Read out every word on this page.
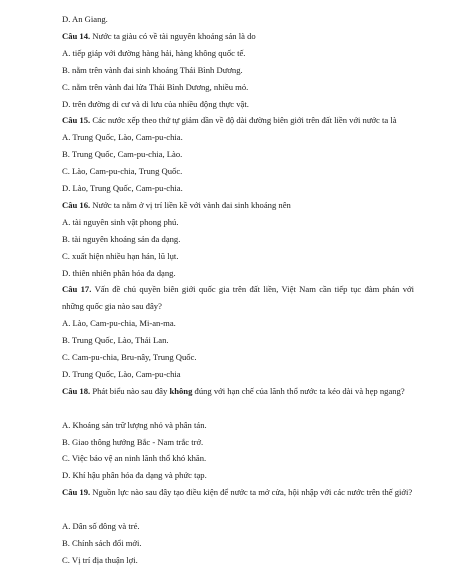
D. An Giang.
Câu 14. Nước ta giàu có về tài nguyên khoáng sản là do
A. tiếp giáp với đường hàng hải, hàng không quốc tế.
B. nằm trên vành đai sinh khoáng Thái Bình Dương.
C. nằm trên vành đai lửa Thái Bình Dương, nhiều mỏ.
D. trên đường di cư và di lưu của nhiều động thực vật.
Câu 15. Các nước xếp theo thứ tự giảm dần về độ dài đường biên giới trên đất liền với nước ta là
A. Trung Quốc, Lào, Cam-pu-chia.
B. Trung Quốc, Cam-pu-chia, Lào.
C. Lào, Cam-pu-chia, Trung Quốc.
D. Lào, Trung Quốc, Cam-pu-chia.
Câu 16. Nước ta nằm ở vị trí liền kề với vành đai sinh khoáng nên
A. tài nguyên sinh vật phong phú.
B. tài nguyên khoáng sản đa dạng.
C. xuất hiện nhiều hạn hán, lũ lụt.
D. thiên nhiên phân hóa đa dạng.
Câu 17. Vấn đề chủ quyền biên giới quốc gia trên đất liền, Việt Nam cần tiếp tục đàm phán với những quốc gia nào sau đây?
A. Lào, Cam-pu-chia, Mi-an-ma.
B. Trung Quốc, Lào, Thái Lan.
C. Cam-pu-chia, Bru-nây, Trung Quốc.
D. Trung Quốc, Lào, Cam-pu-chia
Câu 18. Phát biểu nào sau đây không đúng với hạn chế của lãnh thổ nước ta kéo dài và hẹp ngang?
A. Khoáng sản trữ lượng nhỏ và phân tán.
B. Giao thông hướng Bắc - Nam trắc trở.
C. Việc bảo vệ an ninh lãnh thổ khó khăn.
D. Khí hậu phân hóa đa dạng và phức tạp.
Câu 19. Nguồn lực nào sau đây tạo điều kiện để nước ta mở cửa, hội nhập với các nước trên thế giới?
A. Dân số đông và trẻ.
B. Chính sách đổi mới.
C. Vị trí địa thuận lợi.
